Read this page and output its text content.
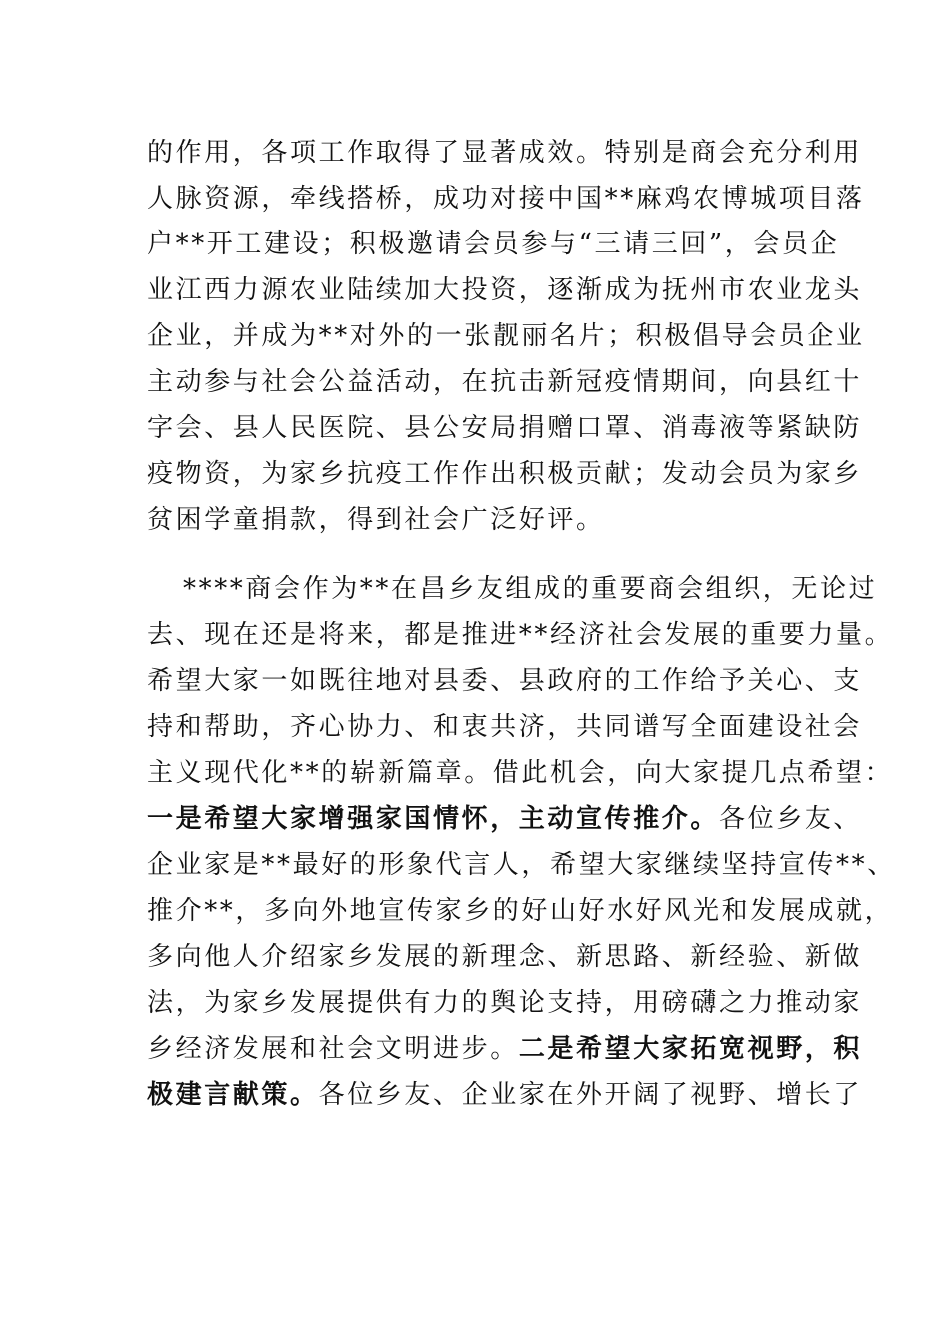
的作用，各项工作取得了显著成效。特别是商会充分利用
人脉资源，牵线搭桥，成功对接中国**麻鸡农博城项目落
户**开工建设；积极邀请会员参与“三请三回”，会员企
业江西力源农业陆续加大投资，逐渐成为抚州市农业龙头
企业，并成为**对外的一张靓丽名片；积极倡导会员企业
主动参与社会公益活动，在抗击新冠疫情期间，向县红十
字会、县人民医院、县公安局捐赠口罩、消毒液等紧缺防
疫物资，为家乡抗疫工作作出积极贡献；发动会员为家乡
贫困学童捐款，得到社会广泛好评。
****商会作为**在昌乡友组成的重要商会组织，无论过
去、现在还是将来，都是推进**经济社会发展的重要力量。
希望大家一如既往地对县委、县政府的工作给予关心、支
持和帮助，齐心协力、和衷共济，共同谱写全面建设社会
主义现代化**的崭新篇章。借此机会，向大家提几点希望：
一是希望大家增强家国情怀，主动宣传推介。各位乡友、
企业家是**最好的形象代言人，希望大家继续坚持宣传**、
推介**，多向外地宣传家乡的好山好水好风光和发展成就，
多向他人介绍家乡发展的新理念、新思路、新经验、新做
法，为家乡发展提供有力的舆论支持，用磅礴之力推动家
乡经济发展和社会文明进步。二是希望大家拓宽视野，积
极建言献策。各位乡友、企业家在外开阔了视野、增长了
